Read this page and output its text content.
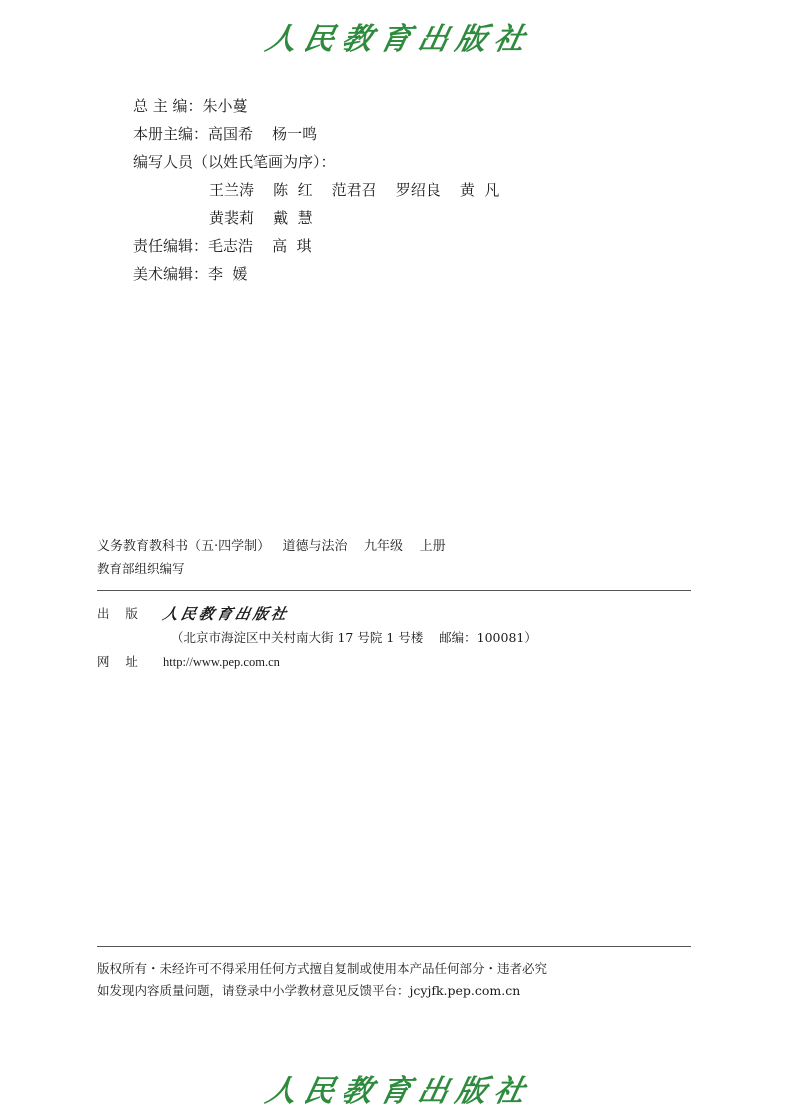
人民教育出版社
总 主 编： 朱小蔓
本册主编： 高国希    杨一鸣
编写人员（以姓氏笔画为序）：
王兰涛    陈  红    范君召    罗绍良    黄  凡
黄裴莉    戴  慧
责任编辑： 毛志浩    高  琪
美术编辑： 李  媛
义务教育教科书（五·四学制）   道德与法治    九年级    上册
教育部组织编写
出    版	人民教育出版社
（北京市海淀区中关村南大街 17 号院 1 号楼    邮编：100081）
网    址	http://www.pep.com.cn
版权所有・未经许可不得采用任何方式擅自复制或使用本产品任何部分・违者必究
如发现内容质量问题，请登录中小学教材意见反馈平台：jcyjfk.pep.com.cn
人民教育出版社
